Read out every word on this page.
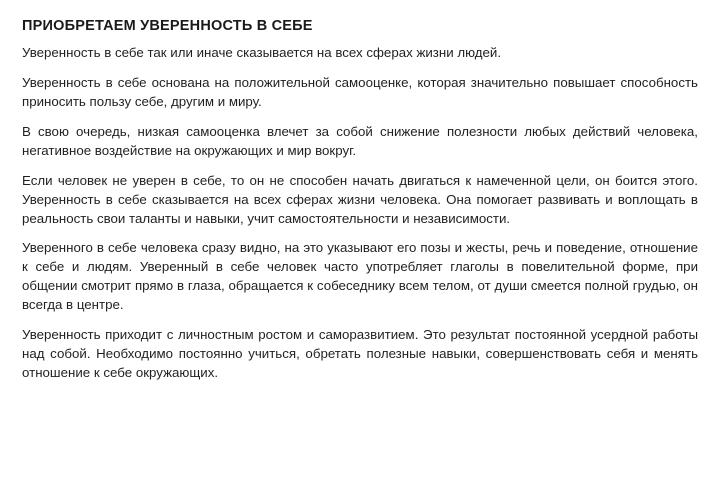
ПРИОБРЕТАЕМ УВЕРЕННОСТЬ В СЕБЕ

Уверенность в себе так или иначе сказывается на всех сферах жизни людей.

Уверенность в себе основана на положительной самооценке, которая значительно повышает способность приносить пользу себе, другим и миру.

В свою очередь, низкая самооценка влечет за собой снижение полезности любых действий человека, негативное воздействие на окружающих и мир вокруг.

Если человек не уверен в себе, то он не способен начать двигаться к намеченной цели, он боится этого. Уверенность в себе сказывается на всех сферах жизни человека. Она помогает развивать и воплощать в реальность свои таланты и навыки, учит самостоятельности и независимости.

Уверенного в себе человека сразу видно, на это указывают его позы и жесты, речь и поведение, отношение к себе и людям. Уверенный в себе человек часто употребляет глаголы в повелительной форме, при общении смотрит прямо в глаза, обращается к собеседнику всем телом, от души смеется полной грудью, он всегда в центре.

Уверенность приходит с личностным ростом и саморазвитием. Это результат постоянной усердной работы над собой. Необходимо постоянно учиться, обретать полезные навыки, совершенствовать себя и менять отношение к себе окружающих.
